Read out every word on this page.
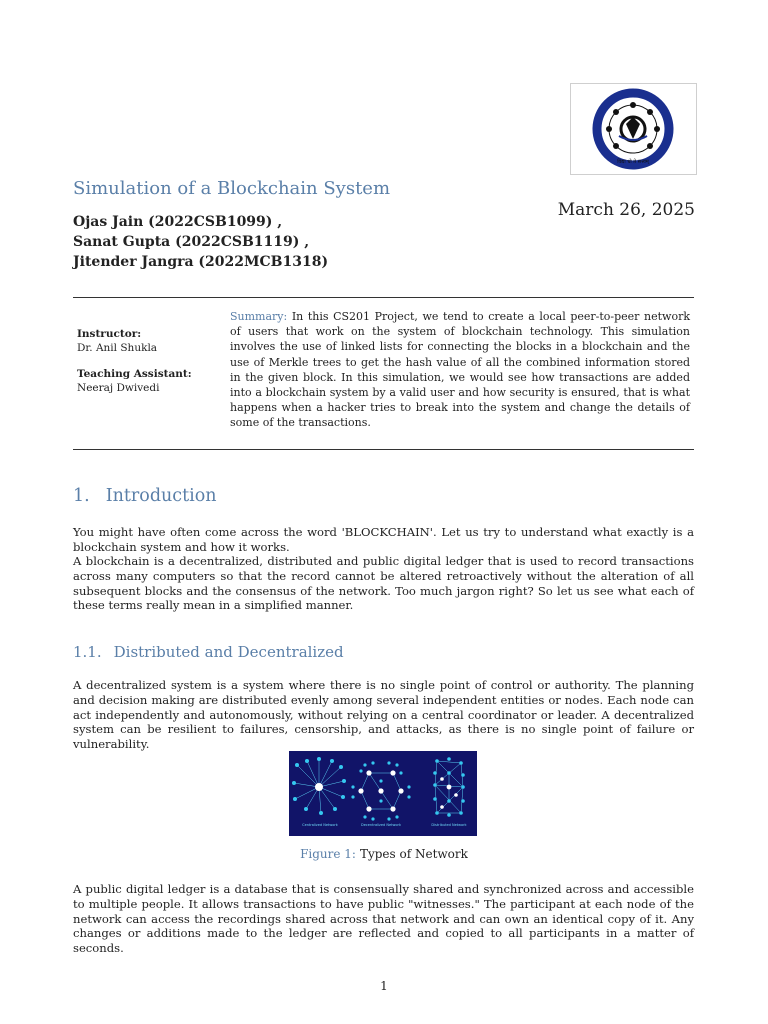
विद्या धो ते सत्त्वम्
Simulation of a Blockchain System
March 26, 2025
Ojas Jain (2022CSB1099) ,
Sanat Gupta (2022CSB1119) ,
Jitender Jangra (2022MCB1318)
Instructor:
Dr. Anil Shukla
Teaching Assistant:
Neeraj Dwivedi
Summary: In this CS201 Project, we tend to create a local peer-to-peer network of users that work on the system of blockchain technology. This simulation involves the use of linked lists for connecting the blocks in a blockchain and the use of Merkle trees to get the hash value of all the combined information stored in the given block. In this simulation, we would see how transactions are added into a blockchain system by a valid user and how security is ensured, that is what happens when a hacker tries to break into the system and change the details of some of the transactions.
1. Introduction
You might have often come across the word 'BLOCKCHAIN'. Let us try to understand what exactly is a blockchain system and how it works.
A blockchain is a decentralized, distributed and public digital ledger that is used to record transactions across many computers so that the record cannot be altered retroactively without the alteration of all subsequent blocks and the consensus of the network. Too much jargon right? So let us see what each of these terms really mean in a simplified manner.
1.1. Distributed and Decentralized
A decentralized system is a system where there is no single point of control or authority. The planning and decision making are distributed evenly among several independent entities or nodes. Each node can act independently and autonomously, without relying on a central coordinator or leader. A decentralized system can be resilient to failures, censorship, and attacks, as there is no single point of failure or vulnerability.
Centralized Network	Decentralized Network	Distributed Network
Figure 1: Types of Network
A public digital ledger is a database that is consensually shared and synchronized across and accessible to multiple people. It allows transactions to have public "witnesses." The participant at each node of the network can access the recordings shared across that network and can own an identical copy of it. Any changes or additions made to the ledger are reflected and copied to all participants in a matter of seconds.
1
